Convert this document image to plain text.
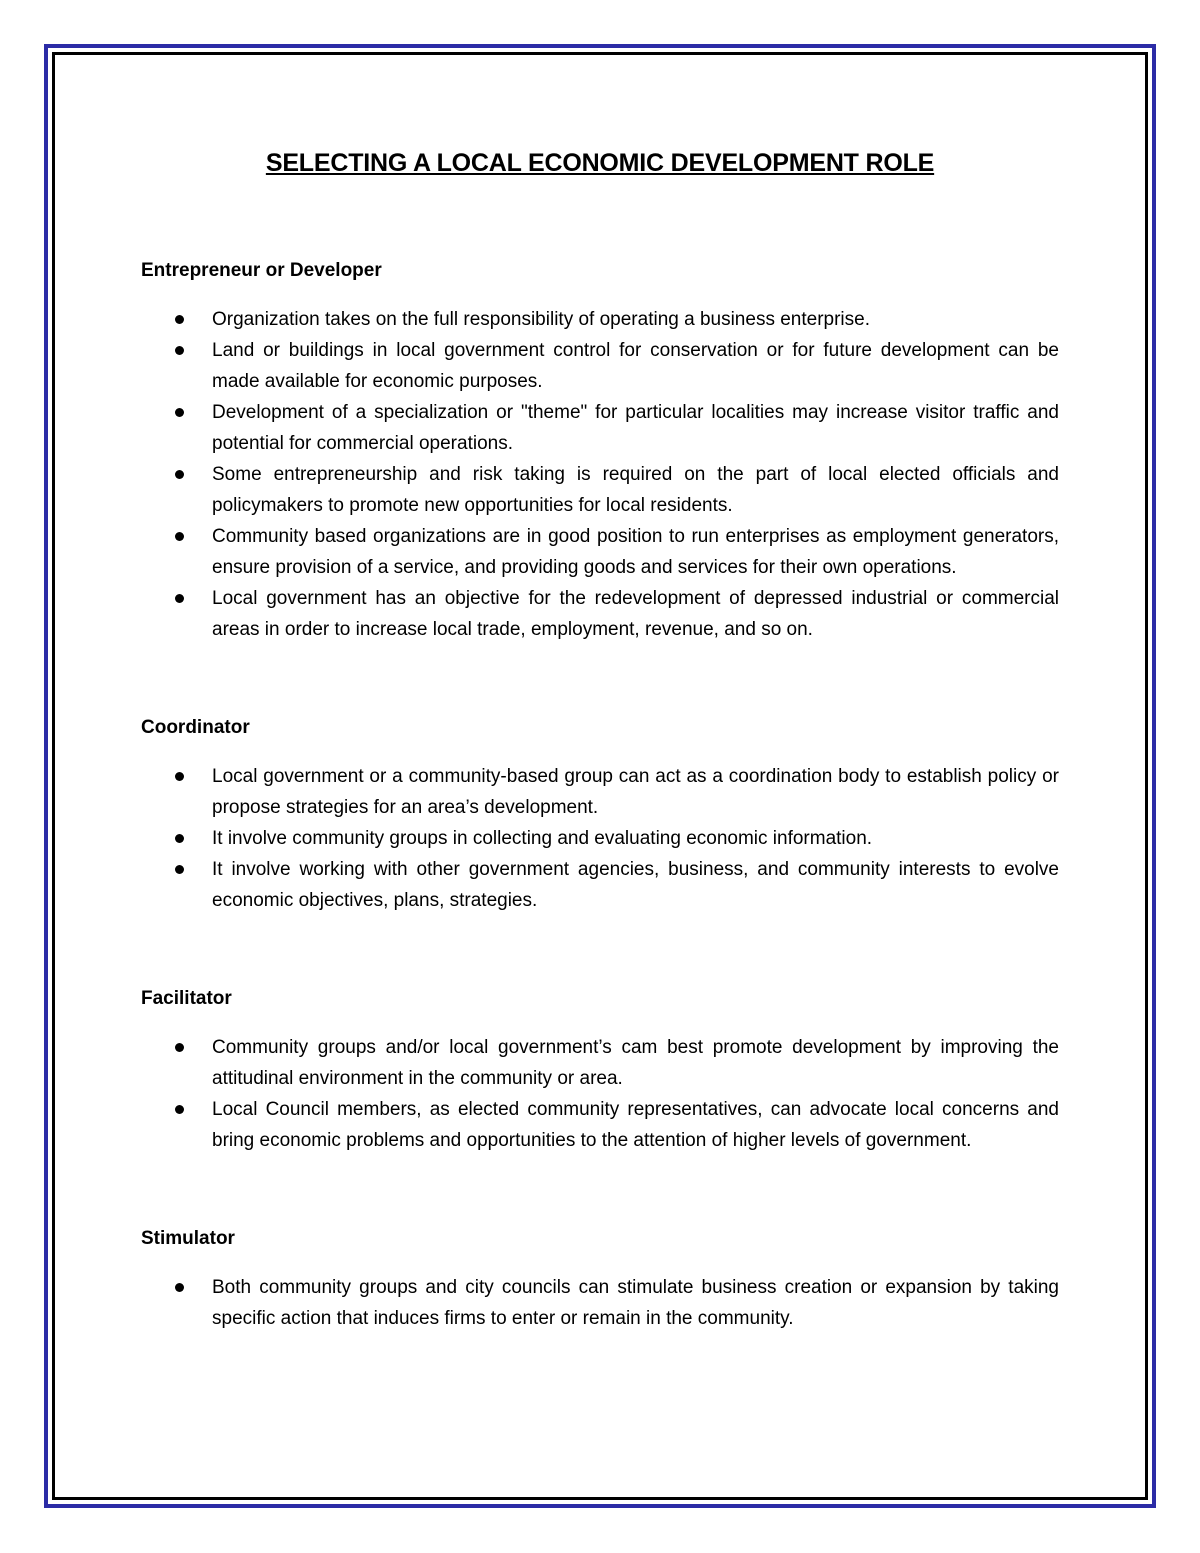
SELECTING A LOCAL ECONOMIC DEVELOPMENT ROLE
Entrepreneur or Developer
Organization takes on the full responsibility of operating a business enterprise.
Land or buildings in local government control for conservation or for future development can be made available for economic purposes.
Development of a specialization or "theme" for particular localities may increase visitor traffic and potential for commercial operations.
Some entrepreneurship and risk taking is required on the part of local elected officials and policymakers to promote new opportunities for local residents.
Community based organizations are in good position to run enterprises as employment generators, ensure provision of a service, and providing goods and services for their own operations.
Local government has an objective for the redevelopment of depressed industrial or commercial areas in order to increase local trade, employment, revenue, and so on.
Coordinator
Local government or a community-based group can act as a coordination body to establish policy or propose strategies for an area’s development.
It involve community groups in collecting and evaluating economic information.
It involve working with other government agencies, business, and community interests to evolve economic objectives, plans, strategies.
Facilitator
Community groups and/or local government’s cam best promote development by improving the attitudinal environment in the community or area.
Local Council members, as elected community representatives, can advocate local concerns and bring economic problems and opportunities to the attention of higher levels of government.
Stimulator
Both community groups and city councils can stimulate business creation or expansion by taking specific action that induces firms to enter or remain in the community.
